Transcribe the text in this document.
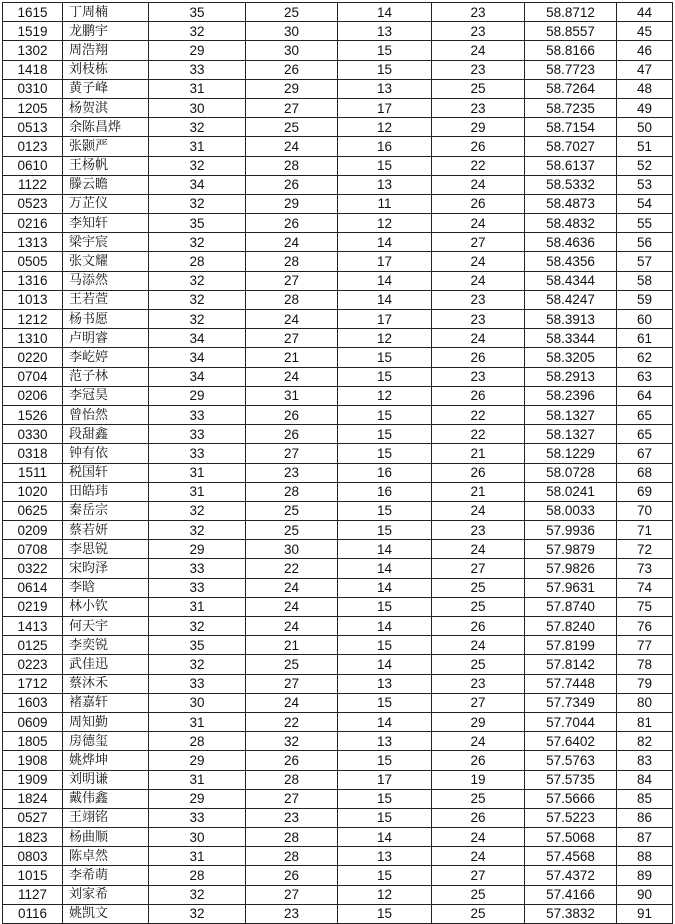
1615	丁周楠	35	25	14	23	58.8712	44
1519	龙鹏宇	32	30	13	23	58.8557	45
1302	周浩翔	29	30	15	24	58.8166	46
1418	刘枝栋	33	26	15	23	58.7723	47
0310	黄子峰	31	29	13	25	58.7264	48
1205	杨贺淇	30	27	17	23	58.7235	49
0513	余陈昌烨	32	25	12	29	58.7154	50
0123	张颢严	31	24	16	26	58.7027	51
0610	王杨帆	32	28	15	22	58.6137	52
1122	滕云瞻	34	26	13	24	58.5332	53
0523	万芷仪	32	29	11	26	58.4873	54
0216	李知轩	35	26	12	24	58.4832	55
1313	梁宇宸	32	24	14	27	58.4636	56
0505	张文耀	28	28	17	24	58.4356	57
1316	马添然	32	27	14	24	58.4344	58
1013	王若萱	32	28	14	23	58.4247	59
1212	杨书愿	32	24	17	23	58.3913	60
1310	卢明睿	34	27	12	24	58.3344	61
0220	李屹婷	34	21	15	26	58.3205	62
0704	范子林	34	24	15	23	58.2913	63
0206	李冠昊	29	31	12	26	58.2396	64
1526	曾怡然	33	26	15	22	58.1327	65
0330	段甜鑫	33	26	15	22	58.1327	65
0318	钟有依	33	27	15	21	58.1229	67
1511	税国轩	31	23	16	26	58.0728	68
1020	田皓玮	31	28	16	21	58.0241	69
0625	秦岳宗	32	25	15	24	58.0033	70
0209	蔡若妍	32	25	15	23	57.9936	71
0708	李思锐	29	30	14	24	57.9879	72
0322	宋昀泽	33	22	14	27	57.9826	73
0614	李晗	33	24	14	25	57.9631	74
0219	林小钦	31	24	15	25	57.8740	75
1413	何天宇	32	24	14	26	57.8240	76
0125	李奕锐	35	21	15	24	57.8199	77
0223	武佳迅	32	25	14	25	57.8142	78
1712	蔡沐禾	33	27	13	23	57.7448	79
1603	褚嘉轩	30	24	15	27	57.7349	80
0609	周知勤	31	22	14	29	57.7044	81
1805	房德玺	28	32	13	24	57.6402	82
1908	姚烨坤	29	26	15	26	57.5763	83
1909	刘明谦	31	28	17	19	57.5735	84
1824	戴伟鑫	29	27	15	25	57.5666	85
0527	王翊铭	33	23	15	26	57.5223	86
1823	杨曲顺	30	28	14	24	57.5068	87
0803	陈卓然	31	28	13	24	57.4568	88
1015	李希萌	28	26	15	27	57.4372	89
1127	刘家希	32	27	12	25	57.4166	90
0116	姚凯文	32	23	15	25	57.3832	91
